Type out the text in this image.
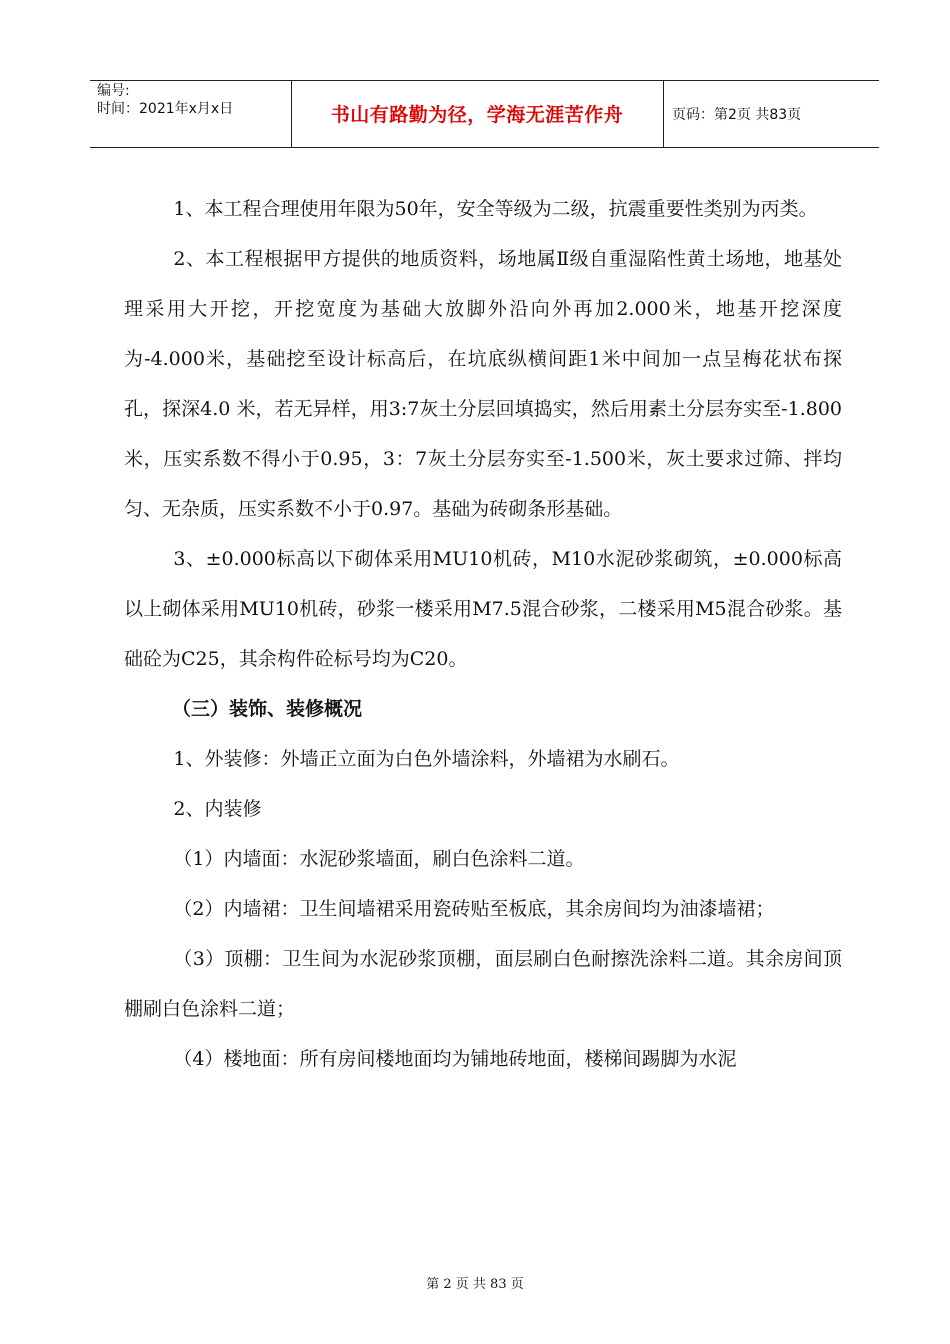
编号:
时间：2021年x月x日	书山有路勤为径，学海无涯苦作舟	页码：第2页 共83页

1、本工程合理使用年限为50年，安全等级为二级，抗震重要性类别为丙类。

2、本工程根据甲方提供的地质资料，场地属Ⅱ级自重湿陷性黄土场地，地基处理采用大开挖，开挖宽度为基础大放脚外沿向外再加2.000米，地基开挖深度为-4.000米，基础挖至设计标高后，在坑底纵横间距1米中间加一点呈梅花状布探孔，探深4.0 米，若无异样，用3:7灰土分层回填捣实，然后用素土分层夯实至-1.800米，压实系数不得小于0.95，3：7灰土分层夯实至-1.500米，灰土要求过筛、拌均匀、无杂质，压实系数不小于0.97。基础为砖砌条形基础。

3、±0.000标高以下砌体采用MU10机砖，M10水泥砂浆砌筑，±0.000标高以上砌体采用MU10机砖，砂浆一楼采用M7.5混合砂浆，二楼采用M5混合砂浆。基础砼为C25，其余构件砼标号均为C20。

（三）装饰、装修概况

1、外装修：外墙正立面为白色外墙涂料，外墙裙为水刷石。

2、内装修

（1）内墙面：水泥砂浆墙面，刷白色涂料二道。

（2）内墙裙：卫生间墙裙采用瓷砖贴至板底，其余房间均为油漆墙裙；

（3）顶棚：卫生间为水泥砂浆顶棚，面层刷白色耐擦洗涂料二道。其余房间顶棚刷白色涂料二道；

（4）楼地面：所有房间楼地面均为铺地砖地面，楼梯间踢脚为水泥

第 2 页 共 83 页
